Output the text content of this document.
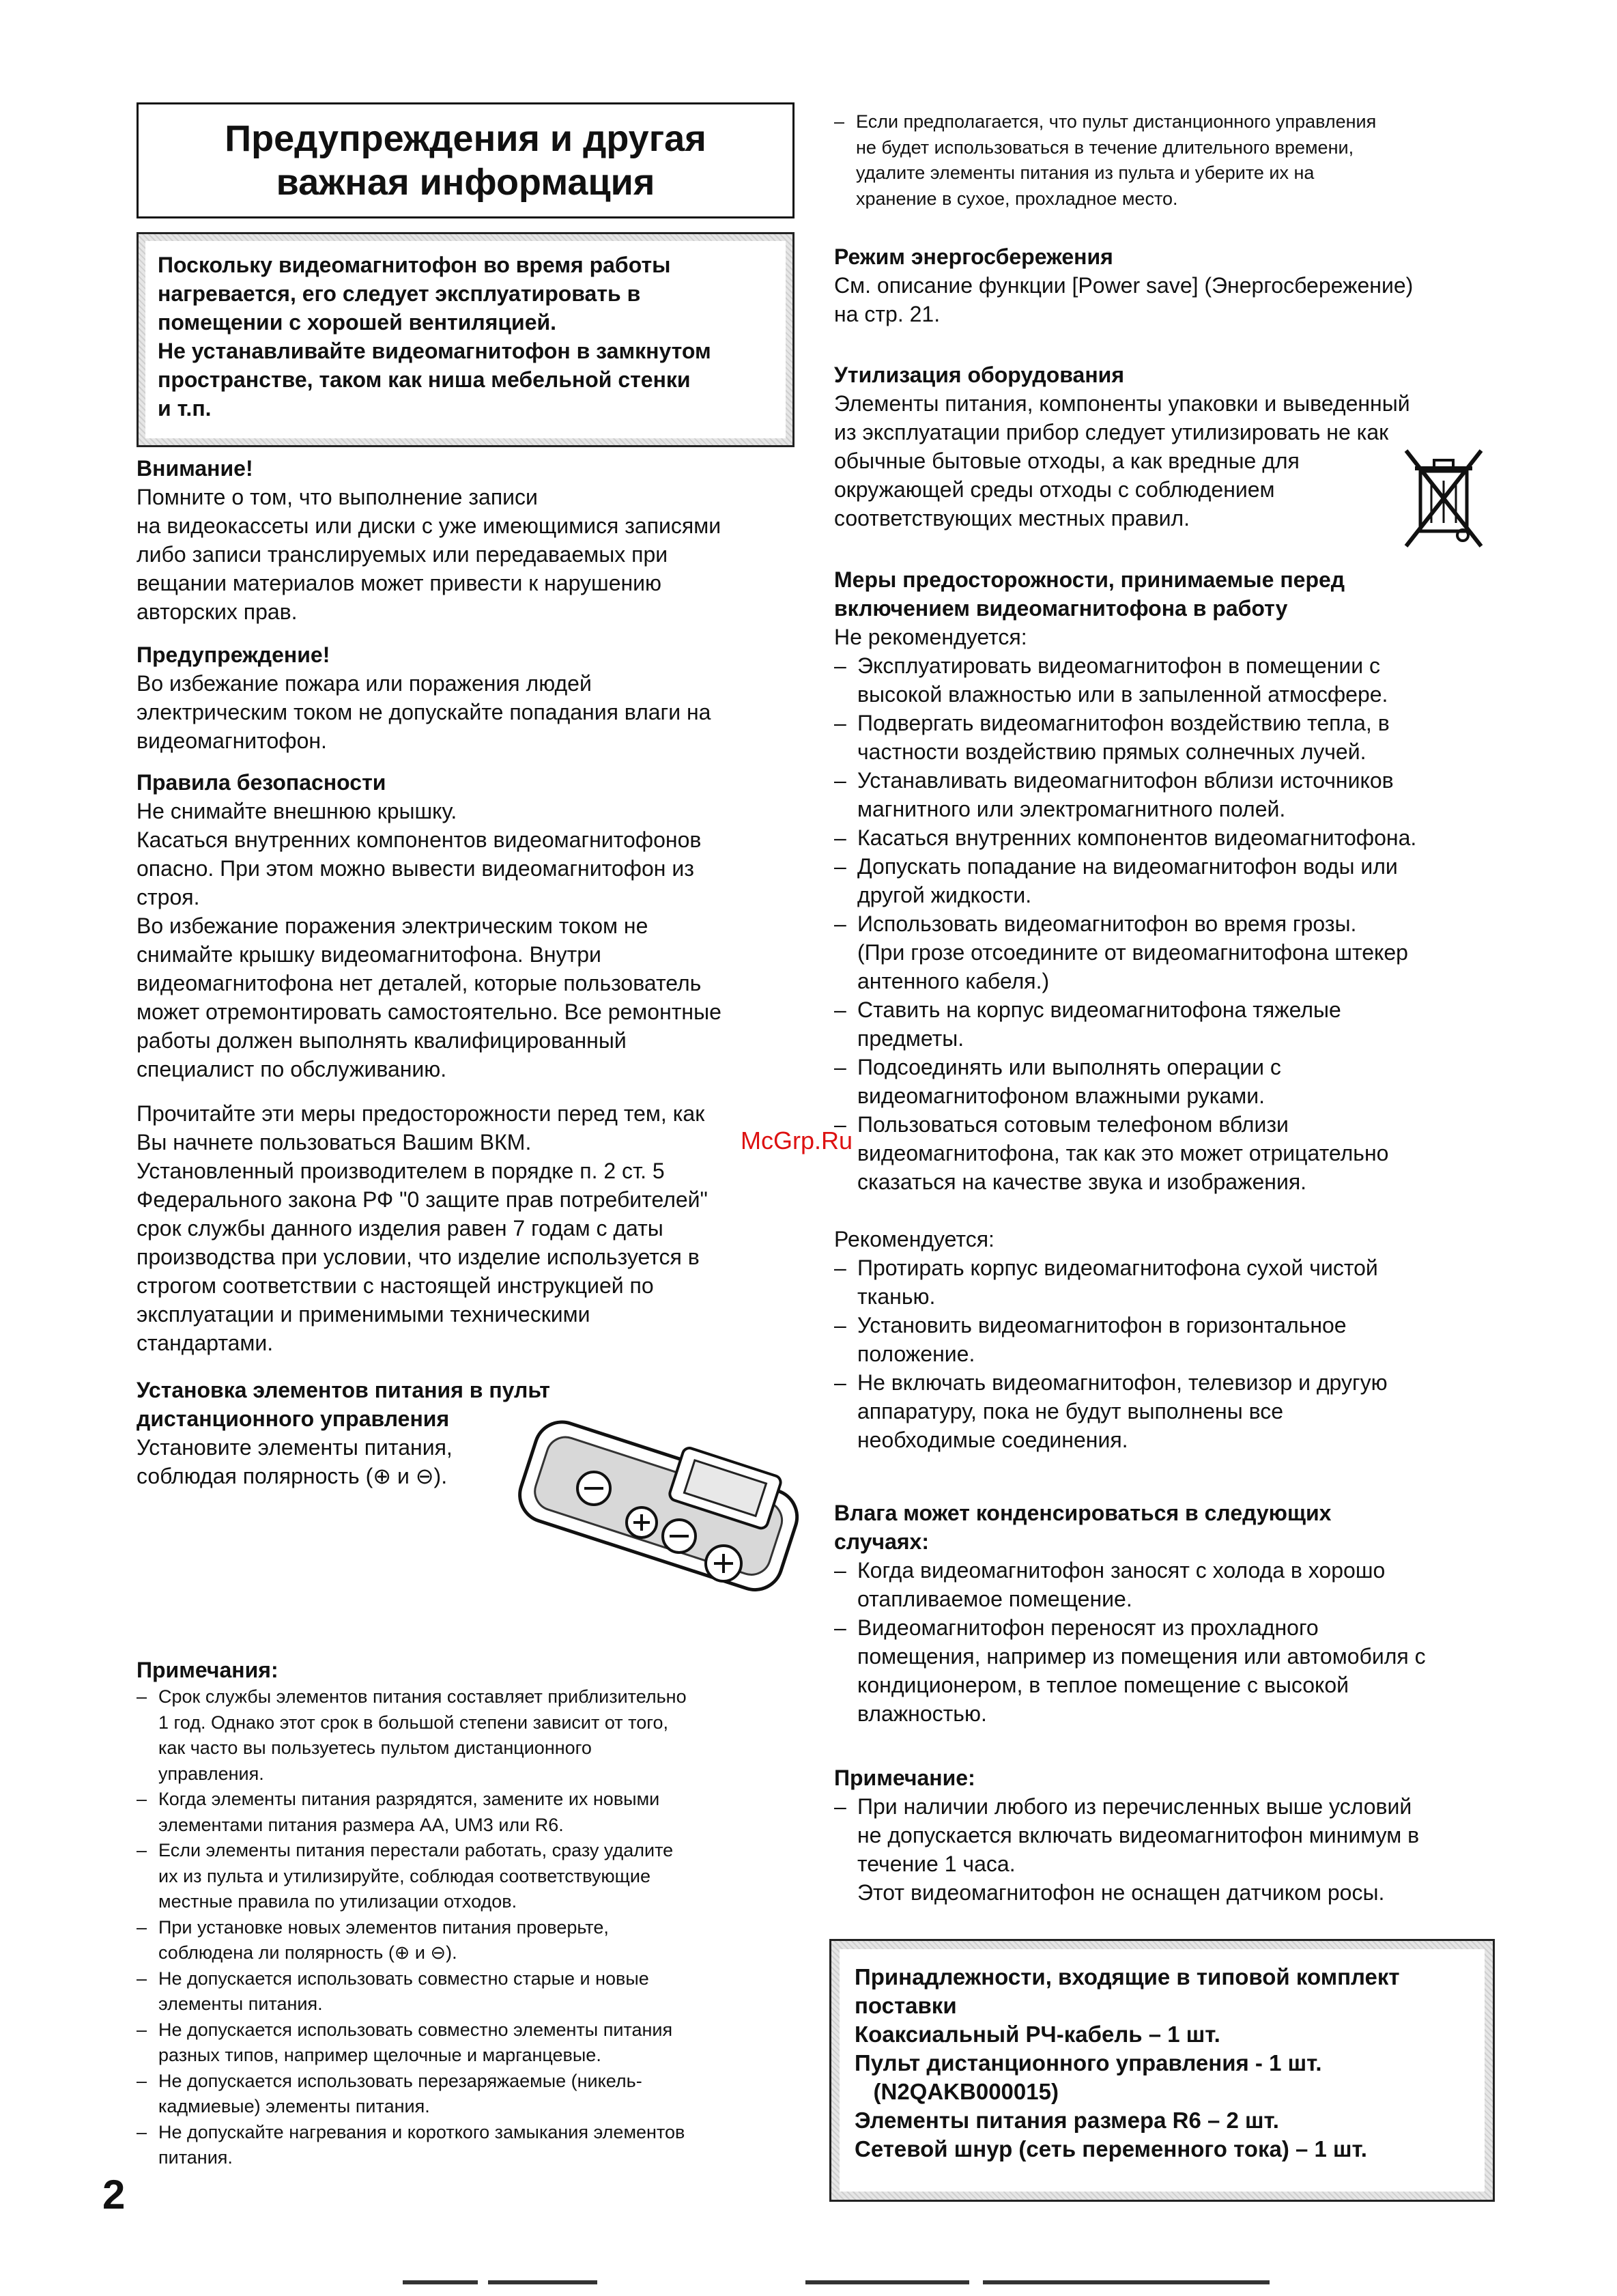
Предупреждения и другая
важная информация

Поскольку видеомагнитофон во время работы

нагревается, его следует эксплуатировать в

помещении с хорошей вентиляцией.

Не устанавливайте видеомагнитофон в замкнутом

пространстве, таком как ниша мебельной стенки

и т.п.

Внимание!

Помните о том, что выполнение записи

на видеокассеты или диски с уже имеющимися записями

либо записи транслируемых или передаваемых при

вещании материалов может привести к нарушению

авторских прав.

Предупреждение!

Во избежание пожара или поражения людей

электрическим током не допускайте попадания влаги на

видеомагнитофон.

Правила безопасности

Не снимайте внешнюю крышку.

Касаться внутренних компонентов видеомагнитофонов

опасно. При этом можно вывести видеомагнитофон из

строя.

Во избежание поражения электрическим током не

снимайте крышку видеомагнитофона. Внутри

видеомагнитофона нет деталей, которые пользователь

может отремонтировать самостоятельно. Все ремонтные

работы должен выполнять квалифицированный

специалист по обслуживанию.

Прочитайте эти меры предосторожности перед тем, как

Вы начнете пользоваться Вашим ВКМ.

Установленный производителем в порядке п. 2 ст. 5

Федерального закона РФ "0 защите прав потребителей"

срок службы данного изделия равен 7 годам с даты

производства при условии, что изделие используется в

строгом соответствии с настоящей инструкцией по

эксплуатации и применимыми техническими

стандартами.

Установка элементов питания в пульт

дистанционного управления

Установите элементы питания,

соблюдая полярность (⊕ и ⊖).

Примечания:

– Срок службы элементов питания составляет приблизительно
1 год. Однако этот срок в большой степени зависит от того,
как часто вы пользуетесь пультом дистанционного
управления.
– Когда элементы питания разрядятся, замените их новыми
элементами питания размера AA, UM3 или R6.
– Если элементы питания перестали работать, сразу удалите
их из пульта и утилизируйте, соблюдая соответствующие
местные правила по утилизации отходов.
– При установке новых элементов питания проверьте,
соблюдена ли полярность (⊕ и ⊖).
– Не допускается использовать совместно старые и новые
элементы питания.
– Не допускается использовать совместно элементы питания
разных типов, например щелочные и марганцевые.
– Не допускается использовать перезаряжаемые (никель-
кадмиевые) элементы питания.
– Не допускайте нагревания и короткого замыкания элементов
питания.
2
McGrp.Ru
– Если предполагается, что пульт дистанционного управления
не будет использоваться в течение длительного времени,
удалите элементы питания из пульта и уберите их на
хранение в сухое, прохладное место.

Режим энергосбережения

См. описание функции [Power save] (Энергосбережение)

на стр. 21.

Утилизация оборудования

Элементы питания, компоненты упаковки и выведенный

из эксплуатации прибор следует утилизировать не как

обычные бытовые отходы, а как вредные для

окружающей среды отходы с соблюдением

соответствующих местных правил.

Меры предосторожности, принимаемые перед

включением видеомагнитофона в работу

Не рекомендуется:

– Эксплуатировать видеомагнитофон в помещении с
высокой влажностью или в запыленной атмосфере.
– Подвергать видеомагнитофон воздействию тепла, в
частности воздействию прямых солнечных лучей.
– Устанавливать видеомагнитофон вблизи источников
магнитного или электромагнитного полей.
– Касаться внутренних компонентов видеомагнитофона.
– Допускать попадание на видеомагнитофон воды или
другой жидкости.
– Использовать видеомагнитофон во время грозы.
(При грозе отсоедините от видеомагнитофона штекер
антенного кабеля.)
– Ставить на корпус видеомагнитофона тяжелые
предметы.
– Подсоединять или выполнять операции с
видеомагнитофоном влажными руками.
– Пользоваться сотовым телефоном вблизи
видеомагнитофона, так как это может отрицательно
сказаться на качестве звука и изображения.

Рекомендуется:

– Протирать корпус видеомагнитофона сухой чистой
тканью.
– Установить видеомагнитофон в горизонтальное
положение.
– Не включать видеомагнитофон, телевизор и другую
аппаратуру, пока не будут выполнены все
необходимые соединения.

Влага может конденсироваться в следующих

случаях:

– Когда видеомагнитофон заносят с холода в хорошо
отапливаемое помещение.
– Видеомагнитофон переносят из прохладного
помещения, например из помещения или автомобиля с
кондиционером, в теплое помещение с высокой
влажностью.

Примечание:

– При наличии любого из перечисленных выше условий
не допускается включать видеомагнитофон минимум в
течение 1 часа.
Этот видеомагнитофон не оснащен датчиком росы.

Принадлежности, входящие в типовой комплект

поставки

Коаксиальный РЧ-кабель – 1 шт.

Пульт дистанционного управления - 1 шт.

(N2QAKB000015)

Элементы питания размера R6 – 2 шт.

Сетевой шнур (сеть переменного тока) – 1 шт.
